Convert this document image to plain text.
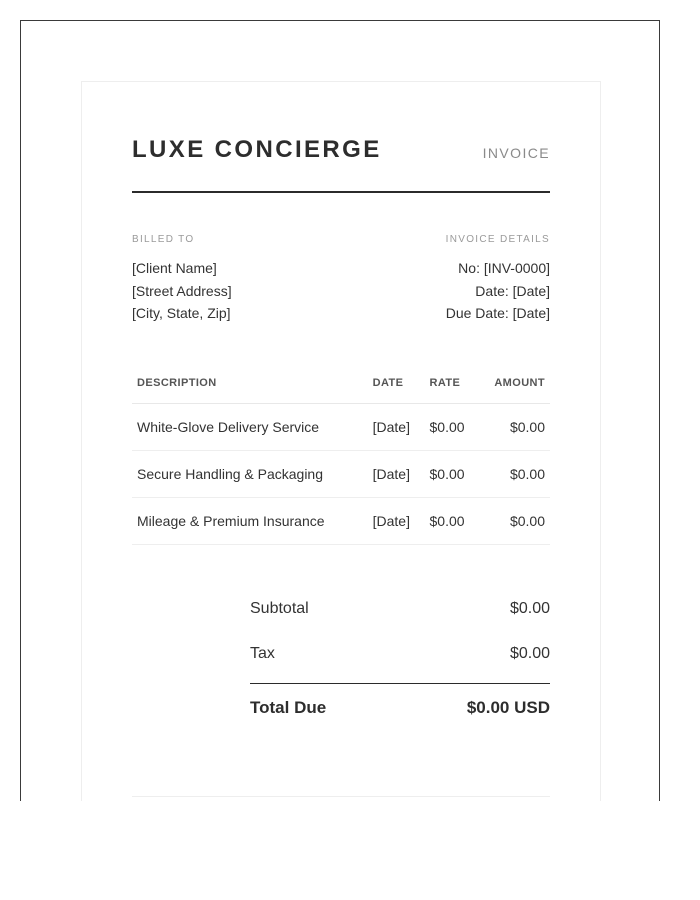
LUXE CONCIERGE	INVOICE
BILLED TO
[Client Name]
[Street Address]
[City, State, Zip]
INVOICE DETAILS
No: [INV-0000]
Date: [Date]
Due Date: [Date]
DESCRIPTION	DATE	RATE	AMOUNT
White-Glove Delivery Service	[Date]	$0.00	$0.00
Secure Handling & Packaging	[Date]	$0.00	$0.00
Mileage & Premium Insurance	[Date]	$0.00	$0.00
Subtotal	$0.00
Tax	$0.00
Total Due	$0.00 USD
